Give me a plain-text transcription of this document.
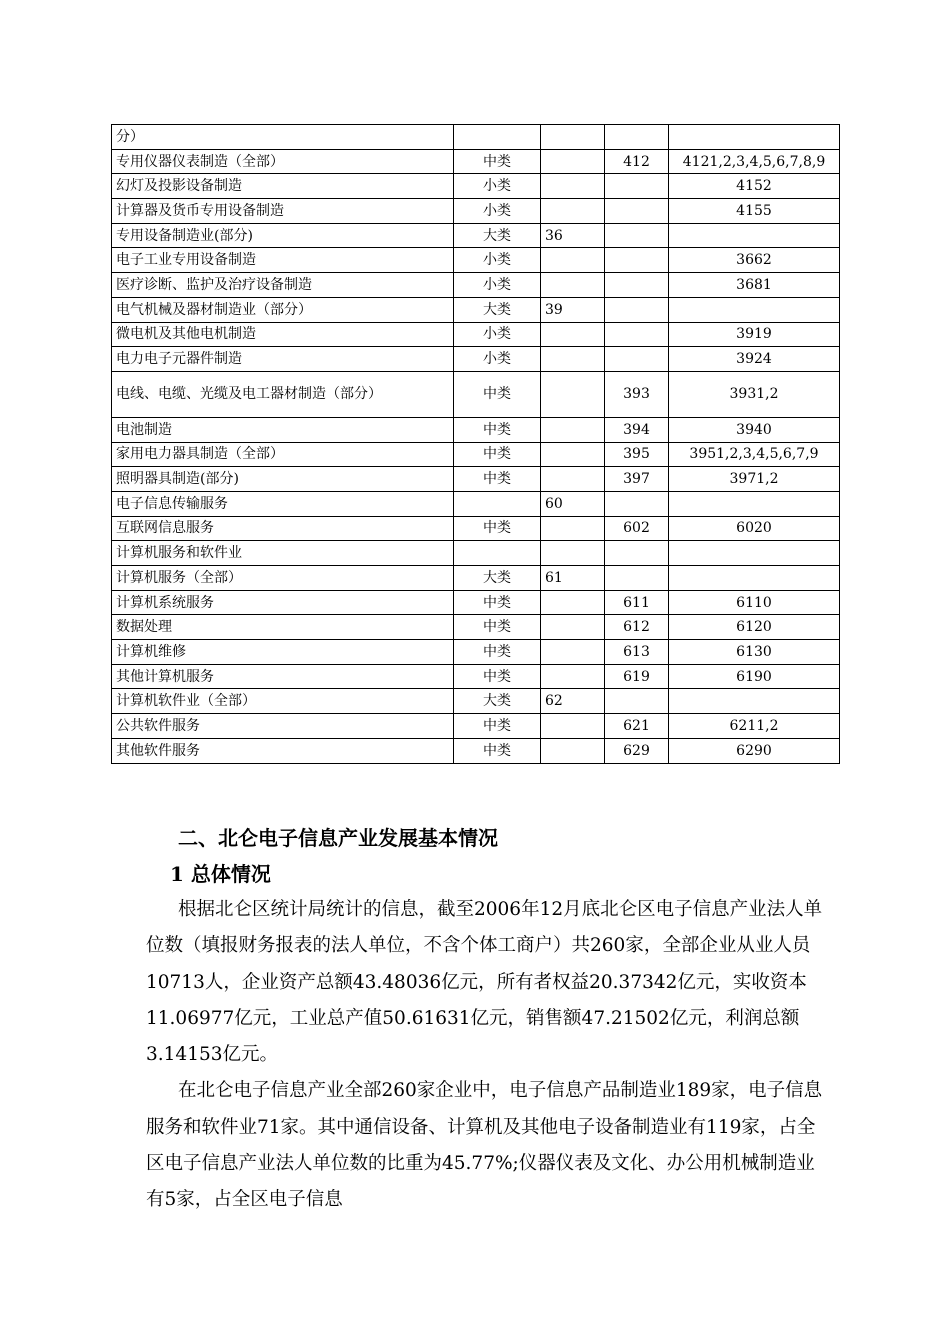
分）				
专用仪器仪表制造（全部）	中类		412	4121,2,3,4,5,6,7,8,9
幻灯及投影设备制造	小类			4152
计算器及货币专用设备制造	小类			4155
专用设备制造业(部分)	大类	36		
电子工业专用设备制造	小类			3662
医疗诊断、监护及治疗设备制造	小类			3681
电气机械及器材制造业（部分）	大类	39		
微电机及其他电机制造	小类			3919
电力电子元器件制造	小类			3924
电线、电缆、光缆及电工器材制造（部分）	中类		393	3931,2
电池制造	中类		394	3940
家用电力器具制造（全部）	中类		395	3951,2,3,4,5,6,7,9
照明器具制造(部分)	中类		397	3971,2
电子信息传输服务		60		
互联网信息服务	中类		602	6020
计算机服务和软件业				
计算机服务（全部）	大类	61		
计算机系统服务	中类		611	6110
数据处理	中类		612	6120
计算机维修	中类		613	6130
其他计算机服务	中类		619	6190
计算机软件业（全部）	大类	62		
公共软件服务	中类		621	6211,2
其他软件服务	中类		629	6290
二、北仑电子信息产业发展基本情况
1 总体情况

根据北仑区统计局统计的信息，截至2006年12月底北仑区电子信息产业法人单位数（填报财务报表的法人单位，不含个体工商户）共260家，全部企业从业人员10713人，企业资产总额43.48036亿元，所有者权益20.37342亿元，实收资本11.06977亿元，工业总产值50.61631亿元，销售额47.21502亿元，利润总额3.14153亿元。

在北仑电子信息产业全部260家企业中，电子信息产品制造业189家，电子信息服务和软件业71家。其中通信设备、计算机及其他电子设备制造业有119家，占全区电子信息产业法人单位数的比重为45.77%;仪器仪表及文化、办公用机械制造业有5家，占全区电子信息
